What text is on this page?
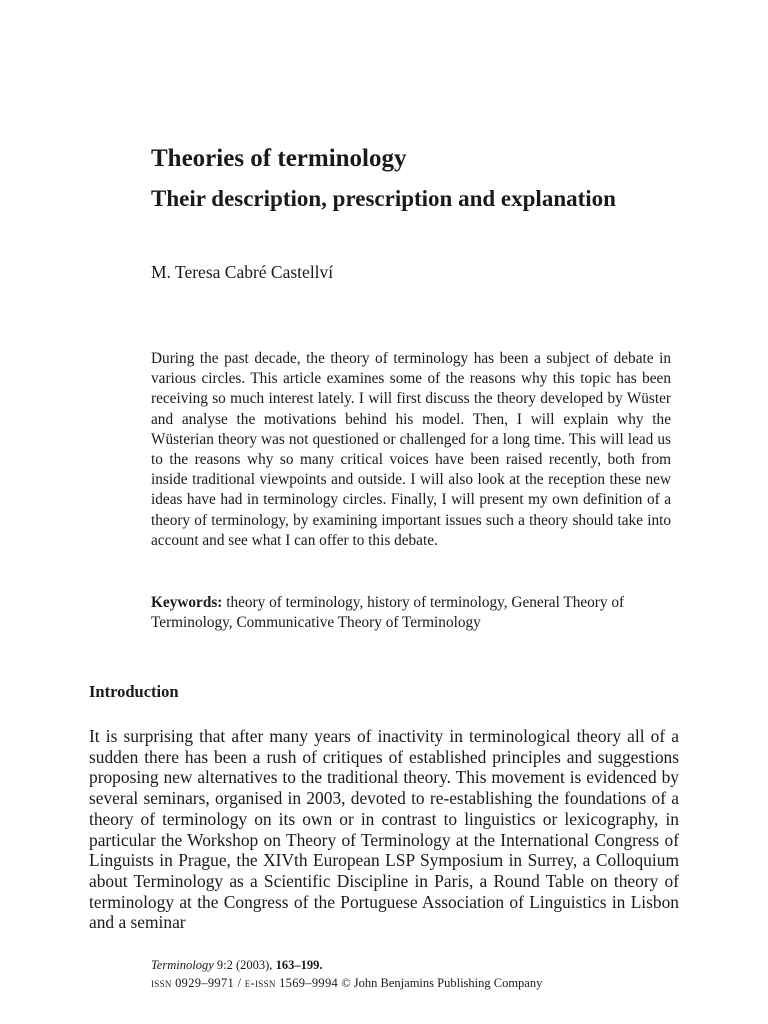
Theories of terminology
Their description, prescription and explanation

M. Teresa Cabré Castellví

During the past decade, the theory of terminology has been a subject of debate in various circles. This article examines some of the reasons why this topic has been receiving so much interest lately. I will first discuss the theory developed by Wüster and analyse the motivations behind his model. Then, I will explain why the Wüsterian theory was not questioned or challenged for a long time. This will lead us to the reasons why so many critical voices have been raised recently, both from inside traditional viewpoints and outside. I will also look at the reception these new ideas have had in terminology circles. Finally, I will present my own definition of a theory of terminology, by examining important issues such a theory should take into account and see what I can offer to this debate.

Keywords: theory of terminology, history of terminology, General Theory of Terminology, Communicative Theory of Terminology

Introduction

It is surprising that after many years of inactivity in terminological theory all of a sudden there has been a rush of critiques of established principles and suggestions proposing new alternatives to the traditional theory. This movement is evidenced by several seminars, organised in 2003, devoted to re-establishing the foundations of a theory of terminology on its own or in contrast to linguistics or lexicography, in particular the Workshop on Theory of Terminology at the International Congress of Linguists in Prague, the XIVth European LSP Symposium in Surrey, a Colloquium about Terminology as a Scientific Discipline in Paris, a Round Table on theory of terminology at the Congress of the Portuguese Association of Linguistics in Lisbon and a seminar

Terminology 9:2 (2003), 163–199.
issn 0929–9971 / e-issn 1569–9994 © John Benjamins Publishing Company
